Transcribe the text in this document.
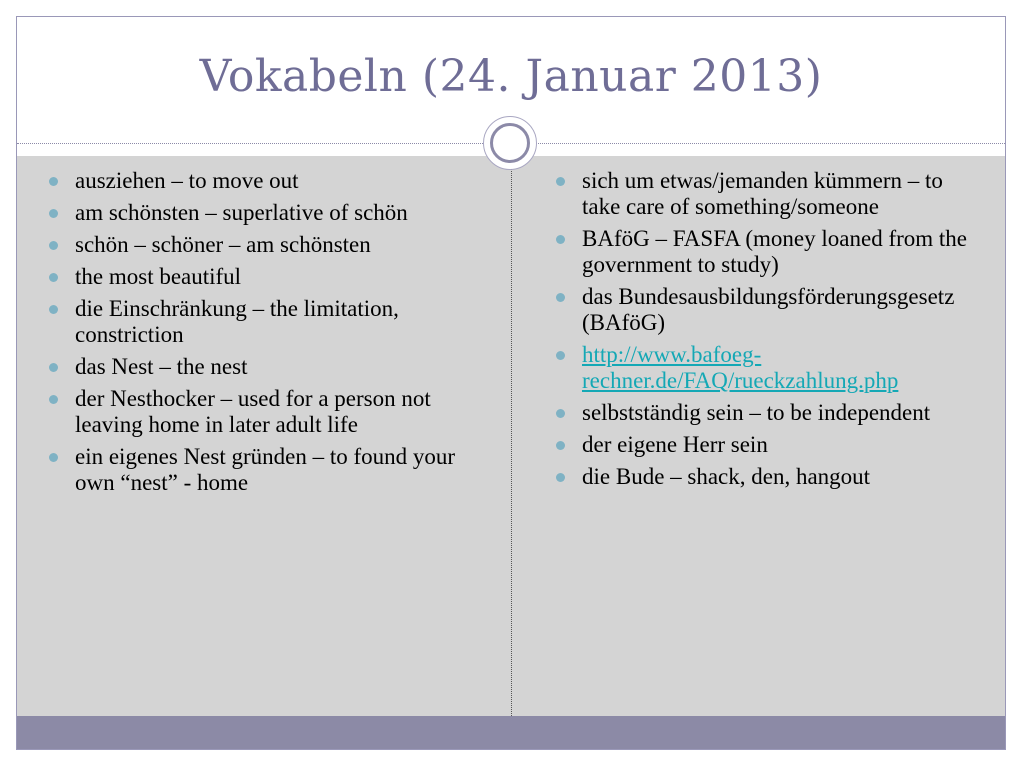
Vokabeln (24. Januar 2013)
ausziehen – to move out
am schönsten – superlative of schön
schön – schöner – am schönsten
the most beautiful
die Einschränkung – the limitation, constriction
das Nest – the nest
der Nesthocker – used for a person not leaving home in later adult life
ein eigenes Nest gründen – to found your own “nest” - home
sich um etwas/jemanden kümmern – to take care of something/someone
BAföG – FASFA (money loaned from the government to study)
das Bundesausbildungsförderungsgesetz (BAföG)
http://www.bafoeg-rechner.de/FAQ/rueckzahlung.php
selbstständig sein – to be independent
der eigene Herr sein
die Bude – shack, den, hangout
